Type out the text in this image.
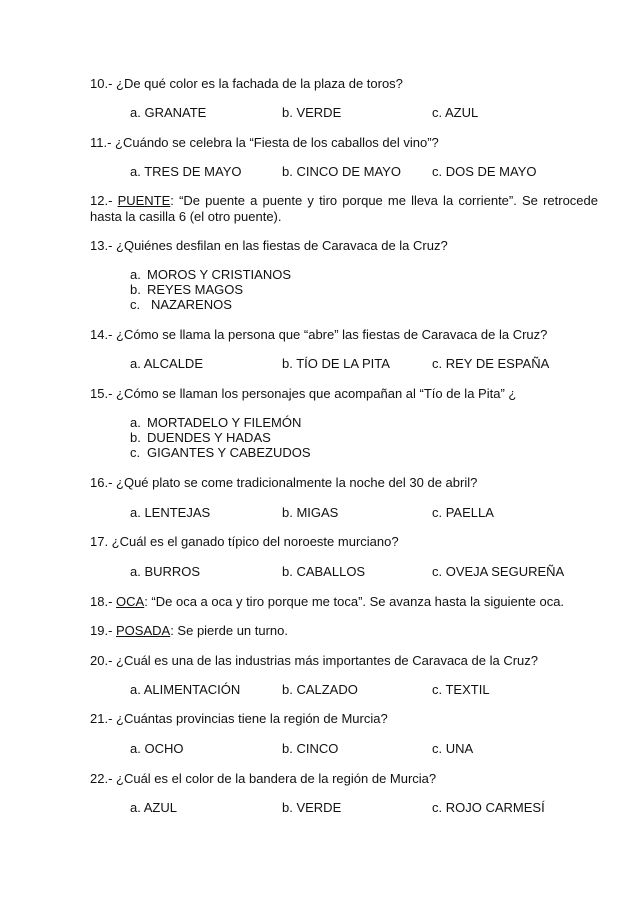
10.- ¿De qué color es la fachada de la plaza de toros?
a. GRANATE	b. VERDE	c. AZUL
11.- ¿Cuándo se celebra la “Fiesta de los caballos del vino”?
a. TRES DE MAYO	b. CINCO DE MAYO c. DOS DE MAYO
12.- PUENTE: “De puente a puente y tiro porque me lleva la corriente”. Se retrocede hasta la casilla 6 (el otro puente).
13.- ¿Quiénes desfilan en las fiestas de Caravaca de la Cruz?
a. MOROS Y CRISTIANOS
b. REYES MAGOS
c. NAZARENOS
14.- ¿Cómo se llama la persona que “abre” las fiestas de Caravaca de la Cruz?
a. ALCALDE	b. TÍO DE LA PITA	c. REY DE ESPAÑA
15.- ¿Cómo se llaman los personajes que acompañan al “Tío de la Pita” ¿
a. MORTADELO Y FILEMÓN
b. DUENDES Y HADAS
c. GIGANTES Y CABEZUDOS
16.- ¿Qué plato se come tradicionalmente la noche del 30 de abril?
a. LENTEJAS	b. MIGAS	c. PAELLA
17. ¿Cuál es el ganado típico del noroeste murciano?
a. BURROS	b. CABALLOS	c. OVEJA SEGUREÑA
18.- OCA: “De oca a oca y tiro porque me toca”. Se avanza hasta la siguiente oca.
19.- POSADA: Se pierde un turno.
20.- ¿Cuál es una de las industrias más importantes de Caravaca de la Cruz?
a. ALIMENTACIÓN	b. CALZADO	c. TEXTIL
21.- ¿Cuántas provincias tiene la región de Murcia?
a. OCHO	b. CINCO	c. UNA
22.- ¿Cuál es el color de la bandera de la región de Murcia?
a. AZUL	b. VERDE	c. ROJO CARMESÍ
